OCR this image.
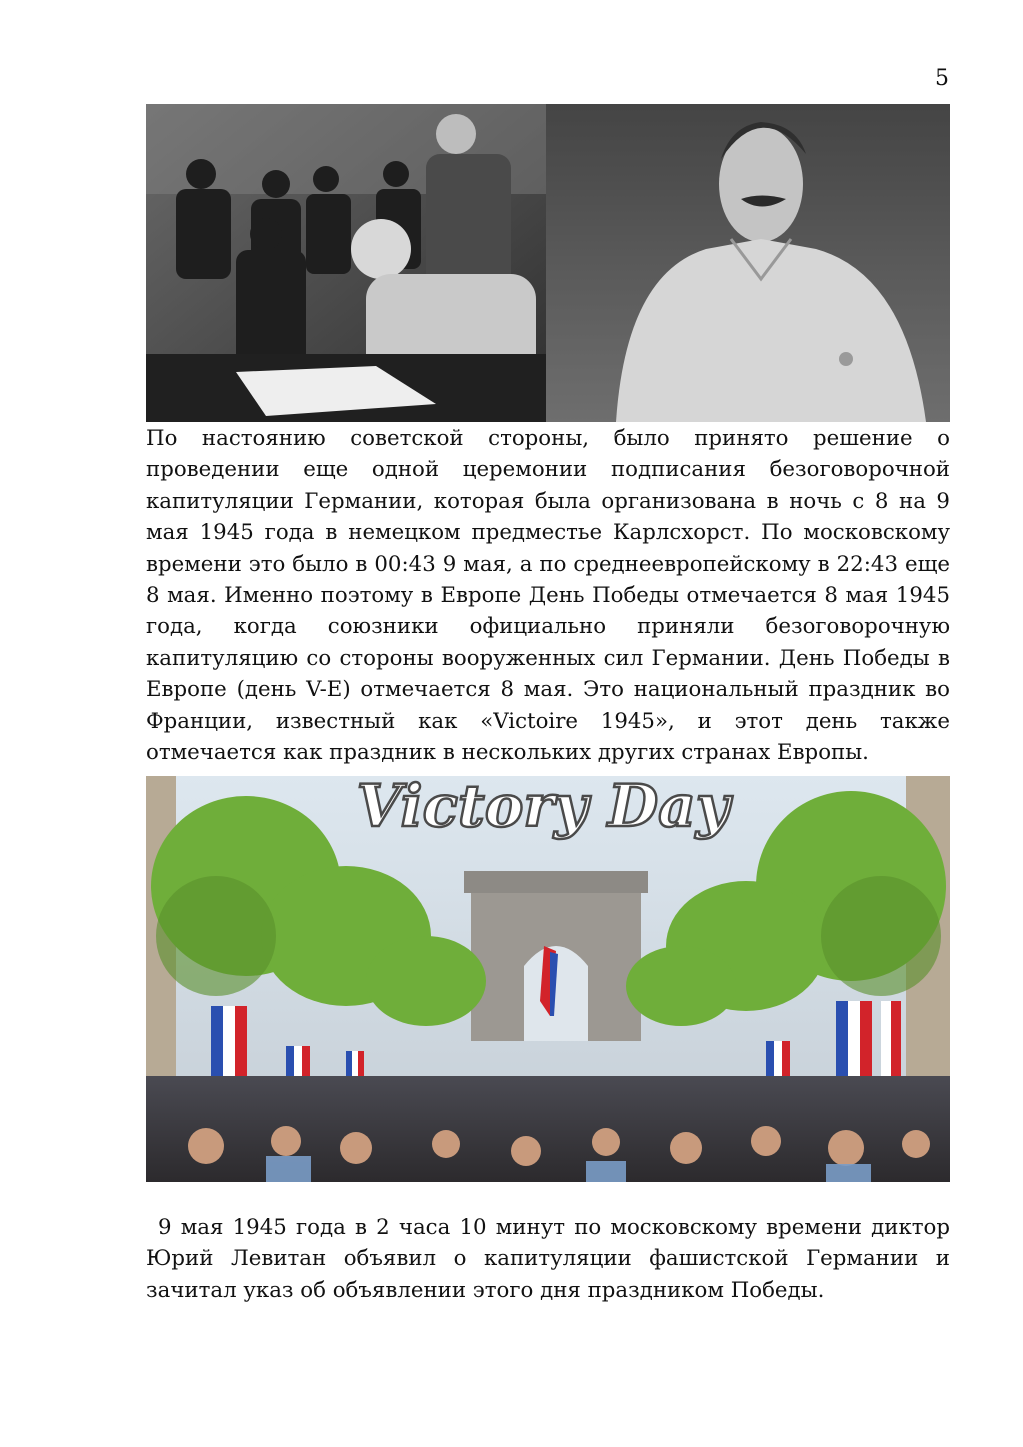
5

По настоянию советской стороны, было принято решение о проведении еще одной церемонии подписания безоговорочной капитуляции Германии, которая была организована в ночь с 8 на 9 мая 1945 года в немецком предместье Карлсхорст. По московскому времени это было в 00:43 9 мая, а по среднеевропейскому в 22:43 еще 8 мая. Именно поэтому в Европе День Победы отмечается 8 мая 1945 года, когда союзники официально приняли безоговорочную капитуляцию со стороны вооруженных сил Германии. День Победы в Европе (день V-E) отмечается 8 мая. Это национальный праздник во Франции, известный как «Victoire 1945», и этот день также отмечается как праздник в нескольких других странах Европы.

Victory Day

9 мая 1945 года в 2 часа 10 минут по московскому времени диктор Юрий Левитан объявил о капитуляции фашистской Германии и зачитал указ об объявлении этого дня праздником Победы.
